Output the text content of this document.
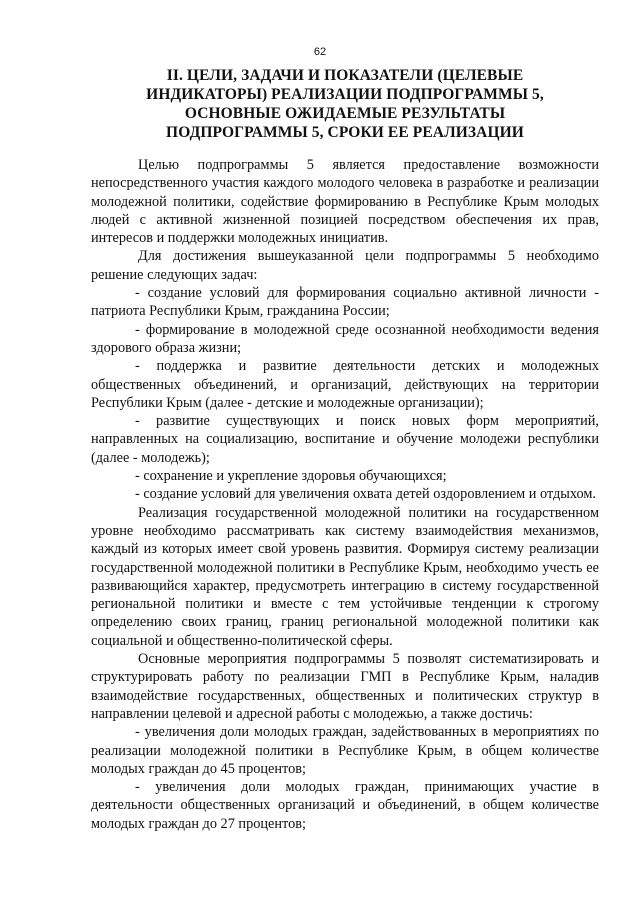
62
II. ЦЕЛИ, ЗАДАЧИ И ПОКАЗАТЕЛИ (ЦЕЛЕВЫЕ
ИНДИКАТОРЫ) РЕАЛИЗАЦИИ ПОДПРОГРАММЫ 5,
ОСНОВНЫЕ ОЖИДАЕМЫЕ РЕЗУЛЬТАТЫ
ПОДПРОГРАММЫ 5, СРОКИ ЕЕ РЕАЛИЗАЦИИ

Целью подпрограммы 5 является предоставление возможности непосредственного участия каждого молодого человека в разработке и реализации молодежной политики, содействие формированию в Республике Крым молодых людей с активной жизненной позицией посредством обеспечения их прав, интересов и поддержки молодежных инициатив.

Для достижения вышеуказанной цели подпрограммы 5 необходимо решение следующих задач:

- создание условий для формирования социально активной личности - патриота Республики Крым, гражданина России;

- формирование в молодежной среде осознанной необходимости ведения здорового образа жизни;

- поддержка и развитие деятельности детских и молодежных общественных объединений, и организаций, действующих на территории Республики Крым (далее - детские и молодежные организации);

- развитие существующих и поиск новых форм мероприятий, направленных на социализацию, воспитание и обучение молодежи республики (далее - молодежь);

- сохранение и укрепление здоровья обучающихся;

- создание условий для увеличения охвата детей оздоровлением и отдыхом.

Реализация государственной молодежной политики на государственном уровне необходимо рассматривать как систему взаимодействия механизмов, каждый из которых имеет свой уровень развития. Формируя систему реализации государственной молодежной политики в Республике Крым, необходимо учесть ее развивающийся характер, предусмотреть интеграцию в систему государственной региональной политики и вместе с тем устойчивые тенденции к строгому определению своих границ, границ региональной молодежной политики как социальной и общественно-политической сферы.

Основные мероприятия подпрограммы 5 позволят систематизировать и структурировать работу по реализации ГМП в Республике Крым, наладив взаимодействие государственных, общественных и политических структур в направлении целевой и адресной работы с молодежью, а также достичь:

- увеличения доли молодых граждан, задействованных в мероприятиях по реализации молодежной политики в Республике Крым, в общем количестве молодых граждан до 45 процентов;

- увеличения доли молодых граждан, принимающих участие в деятельности общественных организаций и объединений, в общем количестве молодых граждан до 27 процентов;
